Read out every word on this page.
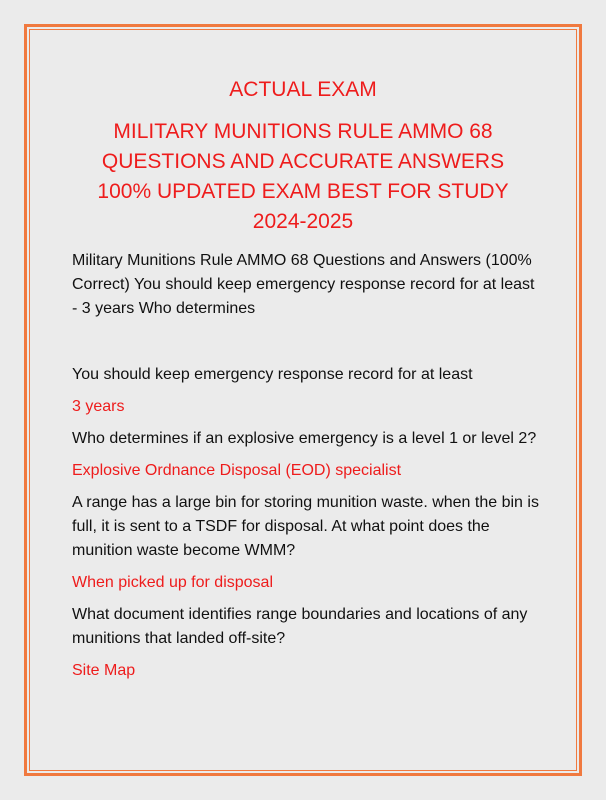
ACTUAL EXAM
MILITARY MUNITIONS RULE AMMO 68 QUESTIONS AND ACCURATE ANSWERS 100% UPDATED EXAM BEST FOR STUDY 2024-2025

Military Munitions Rule AMMO 68 Questions and Answers (100% Correct) You should keep emergency response record for at least - 3 years Who determines

You should keep emergency response record for at least

3 years

Who determines if an explosive emergency is a level 1 or level 2?

Explosive Ordnance Disposal (EOD) specialist

A range has a large bin for storing munition waste. when the bin is full, it is sent to a TSDF for disposal. At what point does the munition waste become WMM?

When picked up for disposal

What document identifies range boundaries and locations of any munitions that landed off-site?

Site Map
